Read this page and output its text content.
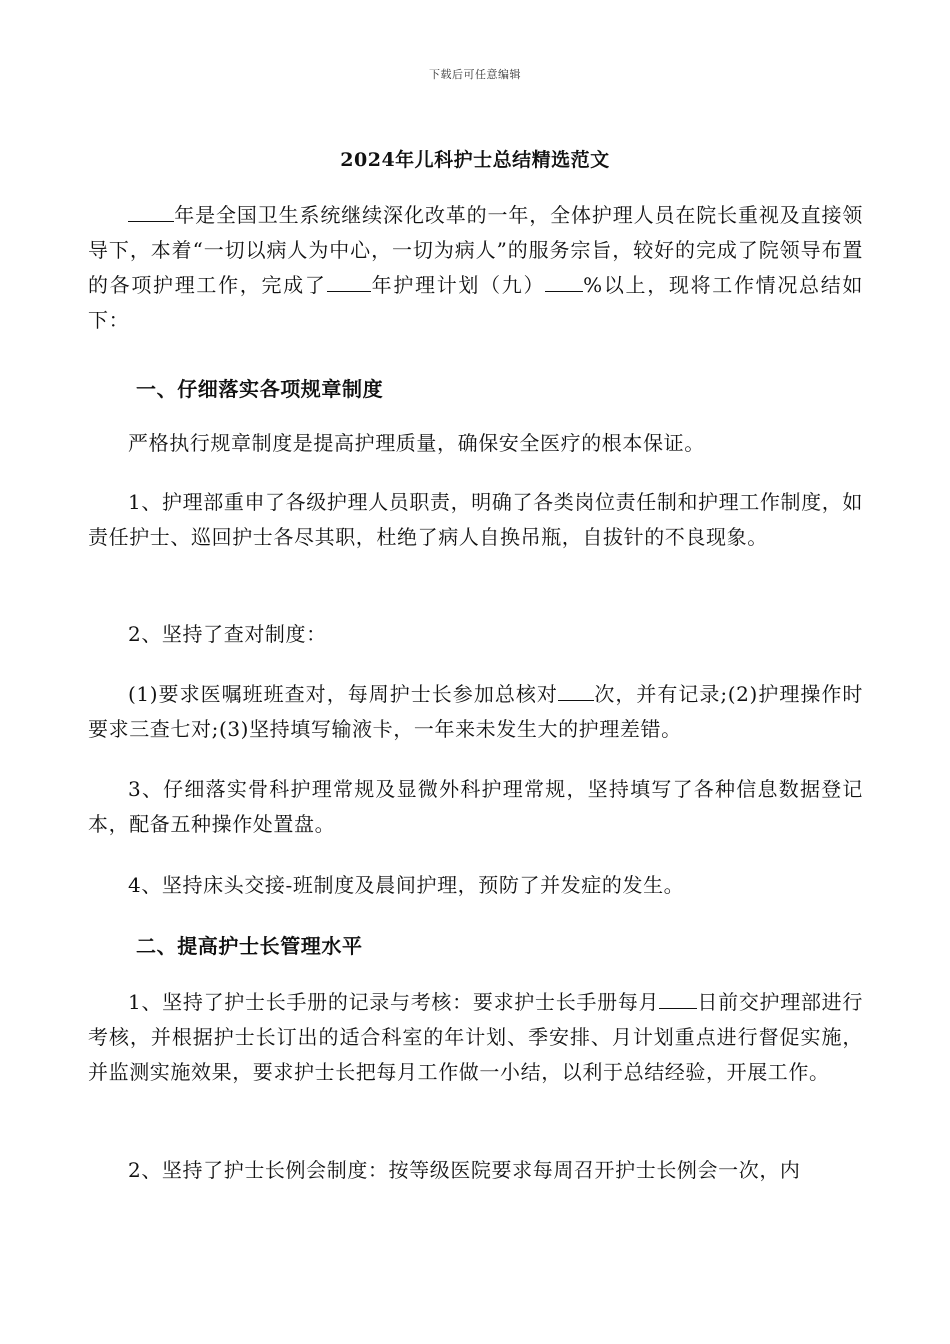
下载后可任意编辑
2024年儿科护士总结精选范文

年是全国卫生系统继续深化改革的一年，全体护理人员在院长重视及直接领导下，本着“一切以病人为中心，一切为病人”的服务宗旨，较好的完成了院领导布置的各项护理工作，完成了 年护理计划（九） %以上，现将工作情况总结如下：

一、仔细落实各项规章制度

严格执行规章制度是提高护理质量，确保安全医疗的根本保证。

1、护理部重申了各级护理人员职责，明确了各类岗位责任制和护理工作制度，如责任护士、巡回护士各尽其职，杜绝了病人自换吊瓶，自拔针的不良现象。

2、坚持了查对制度：

(1)要求医嘱班班查对，每周护士长参加总核对 次，并有记录;(2)护理操作时要求三查七对;(3)坚持填写输液卡，一年来未发生大的护理差错。

3、仔细落实骨科护理常规及显微外科护理常规，坚持填写了各种信息数据登记本，配备五种操作处置盘。

4、坚持床头交接-班制度及晨间护理，预防了并发症的发生。

二、提高护士长管理水平

1、坚持了护士长手册的记录与考核：要求护士长手册每月 日前交护理部进行考核，并根据护士长订出的适合科室的年计划、季安排、月计划重点进行督促实施，并监测实施效果，要求护士长把每月工作做一小结，以利于总结经验，开展工作。

2、坚持了护士长例会制度：按等级医院要求每周召开护士长例会一次，内
